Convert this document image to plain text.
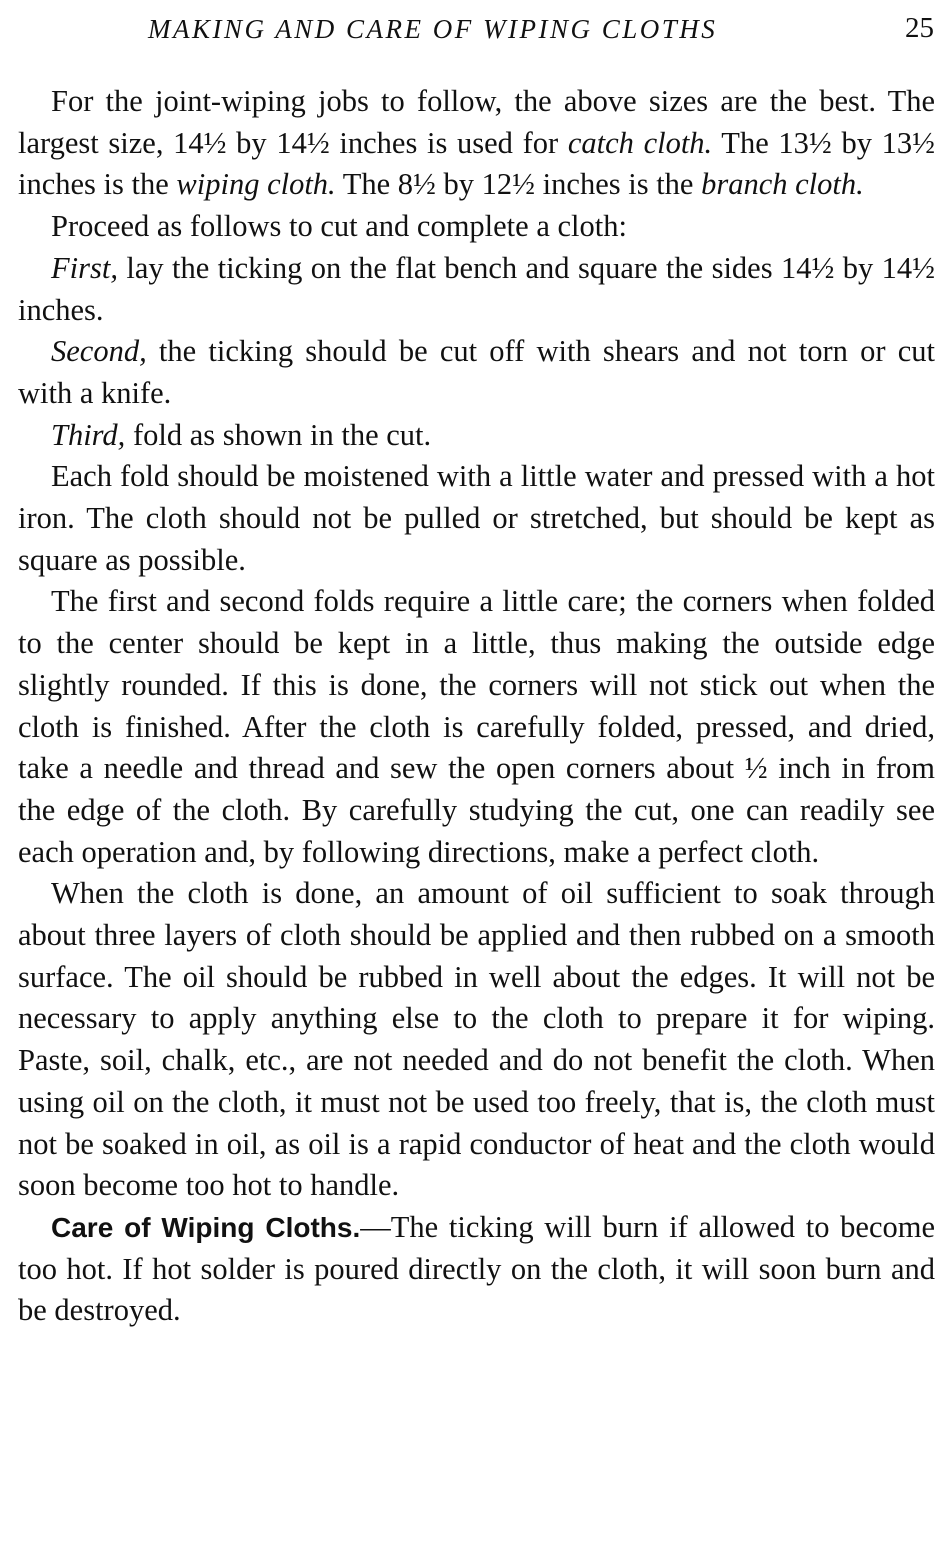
MAKING AND CARE OF WIPING CLOTHS	25

For the joint-wiping jobs to follow, the above sizes are the best. The largest size, 14½ by 14½ inches is used for catch cloth. The 13½ by 13½ inches is the wiping cloth. The 8½ by 12½ inches is the branch cloth.

Proceed as follows to cut and complete a cloth:

First, lay the ticking on the flat bench and square the sides 14½ by 14½ inches.

Second, the ticking should be cut off with shears and not torn or cut with a knife.

Third, fold as shown in the cut.

Each fold should be moistened with a little water and pressed with a hot iron. The cloth should not be pulled or stretched, but should be kept as square as possible.

The first and second folds require a little care; the corners when folded to the center should be kept in a little, thus making the outside edge slightly rounded. If this is done, the corners will not stick out when the cloth is finished. After the cloth is carefully folded, pressed, and dried, take a needle and thread and sew the open corners about ½ inch in from the edge of the cloth. By carefully studying the cut, one can readily see each operation and, by following directions, make a perfect cloth.

When the cloth is done, an amount of oil sufficient to soak through about three layers of cloth should be applied and then rubbed on a smooth surface. The oil should be rubbed in well about the edges. It will not be necessary to apply anything else to the cloth to prepare it for wiping. Paste, soil, chalk, etc., are not needed and do not benefit the cloth. When using oil on the cloth, it must not be used too freely, that is, the cloth must not be soaked in oil, as oil is a rapid conductor of heat and the cloth would soon become too hot to handle.

Care of Wiping Cloths.—The ticking will burn if allowed to become too hot. If hot solder is poured directly on the cloth, it will soon burn and be destroyed.
